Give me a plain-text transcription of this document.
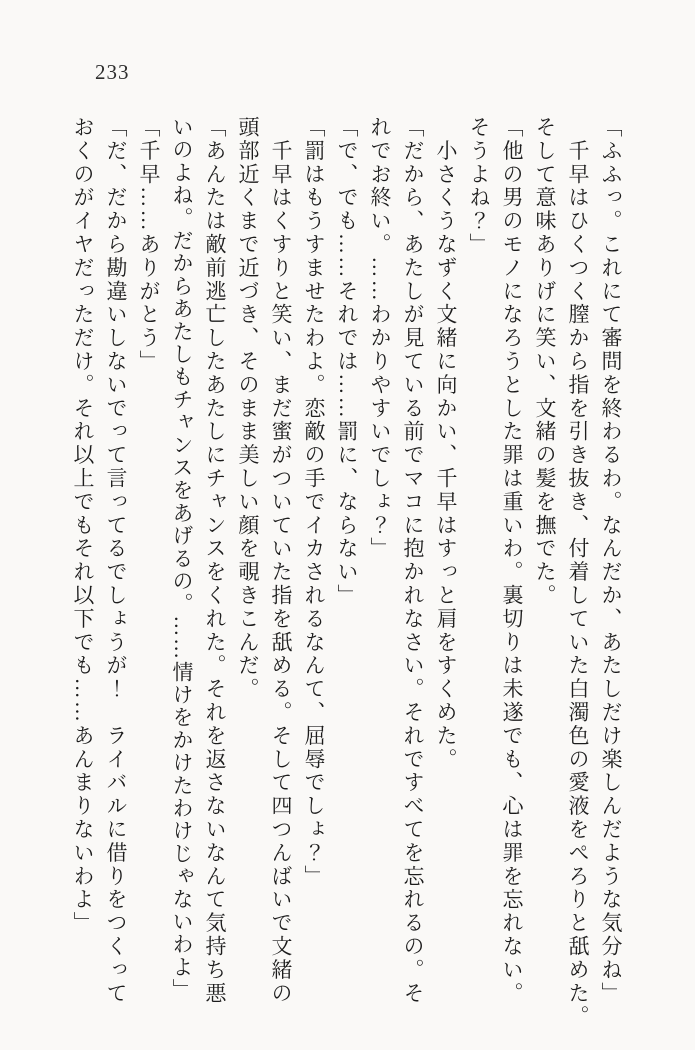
233

「ふふっ。これにて審問を終わるわ。なんだか、あたしだけ楽しんだような気分ね」

　千早はひくつく膣から指を引き抜き、付着していた白濁色の愛液をぺろりと舐めた。

そして意味ありげに笑い、文緒の髪を撫でた。

「他の男のモノになろうとした罪は重いわ。裏切りは未遂でも、心は罪を忘れない。

そうよね？」

　小さくうなずく文緒に向かい、千早はすっと肩をすくめた。

「だから、あたしが見ている前でマコに抱かれなさい。それですべてを忘れるの。そ

れでお終い。……わかりやすいでしょ？」

「で、でも……それでは……罰に、ならない」

「罰はもうすませたわよ。恋敵の手でイカされるなんて、屈辱でしょ？」

　千早はくすりと笑い、まだ蜜がついていた指を舐める。そして四つんばいで文緒の

頭部近くまで近づき、そのまま美しい顔を覗きこんだ。

「あんたは敵前逃亡したあたしにチャンスをくれた。それを返さないなんて気持ち悪

いのよね。だからあたしもチャンスをあげるの。……情けをかけたわけじゃないわよ」

「千早……ありがとう」

「だ、だから勘違いしないでって言ってるでしょうが！　ライバルに借りをつくって

おくのがイヤだっただけ。それ以上でもそれ以下でも……あんまりないわよ」
